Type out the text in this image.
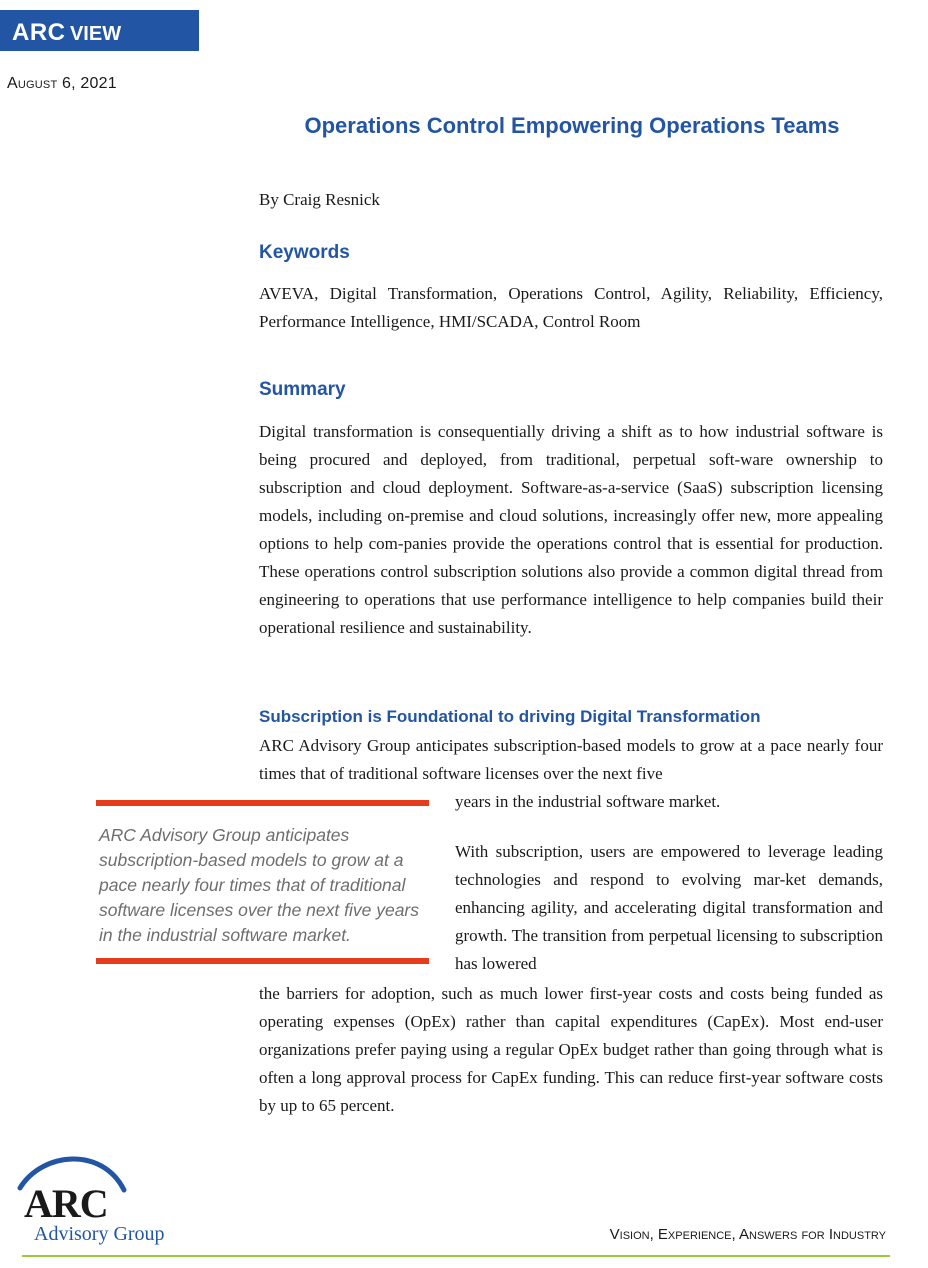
ARC VIEW
August 6, 2021
Operations Control Empowering Operations Teams
By Craig Resnick
Keywords
AVEVA, Digital Transformation, Operations Control, Agility, Reliability, Efficiency, Performance Intelligence, HMI/SCADA, Control Room
Summary
Digital transformation is consequentially driving a shift as to how industrial software is being procured and deployed, from traditional, perpetual soft-ware ownership to subscription and cloud deployment. Software-as-a-service (SaaS) subscription licensing models, including on-premise and cloud solutions, increasingly offer new, more appealing options to help com-panies provide the operations control that is essential for production. These operations control subscription solutions also provide a common digital thread from engineering to operations that use performance intelligence to help companies build their operational resilience and sustainability.
Subscription is Foundational to driving Digital Transformation
ARC Advisory Group anticipates subscription-based models to grow at a pace nearly four times that of traditional software licenses over the next five
years in the industrial software market.
With subscription, users are empowered to leverage leading technologies and respond to evolving mar-ket demands, enhancing agility, and accelerating digital transformation and growth. The transition from perpetual licensing to subscription has lowered
the barriers for adoption, such as much lower first-year costs and costs being funded as operating expenses (OpEx) rather than capital expenditures (CapEx). Most end-user organizations prefer paying using a regular OpEx budget rather than going through what is often a long approval process for CapEx funding. This can reduce first-year software costs by up to 65 percent.
ARC Advisory Group anticipates subscription-based models to grow at a pace nearly four times that of traditional software licenses over the next five years in the industrial software market.
ARC
Advisory Group	Vision, Experience, Answers for Industry
